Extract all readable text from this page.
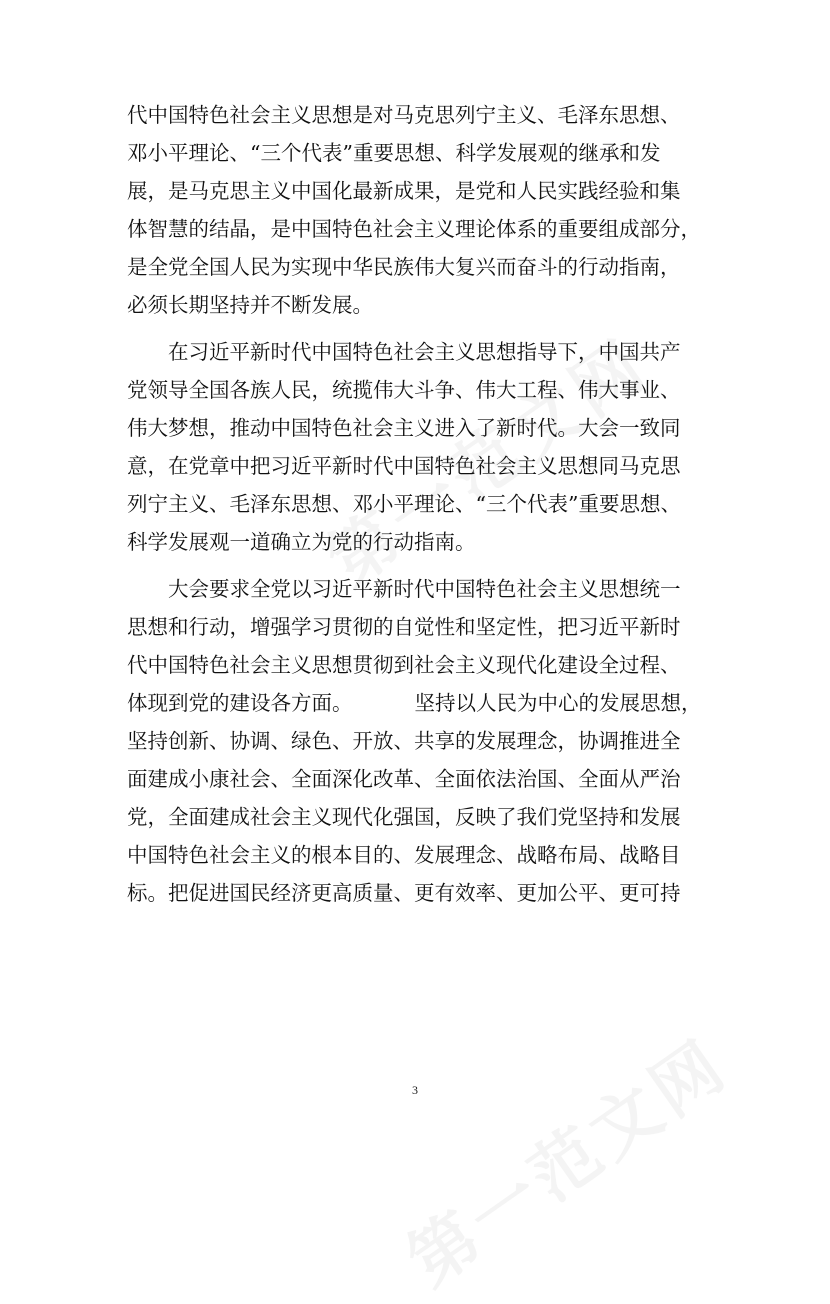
代中国特色社会主义思想是对马克思列宁主义、毛泽东思想、
邓小平理论、“三个代表”重要思想、科学发展观的继承和发
展，是马克思主义中国化最新成果，是党和人民实践经验和集
体智慧的结晶，是中国特色社会主义理论体系的重要组成部分，
是全党全国人民为实现中华民族伟大复兴而奋斗的行动指南，
必须长期坚持并不断发展。

在习近平新时代中国特色社会主义思想指导下，中国共产
党领导全国各族人民，统揽伟大斗争、伟大工程、伟大事业、
伟大梦想，推动中国特色社会主义进入了新时代。大会一致同
意，在党章中把习近平新时代中国特色社会主义思想同马克思
列宁主义、毛泽东思想、邓小平理论、“三个代表”重要思想、
科学发展观一道确立为党的行动指南。

大会要求全党以习近平新时代中国特色社会主义思想统一
思想和行动，增强学习贯彻的自觉性和坚定性，把习近平新时
代中国特色社会主义思想贯彻到社会主义现代化建设全过程、
体现到党的建设各方面。	坚持以人民为中心的发展思想，
坚持创新、协调、绿色、开放、共享的发展理念，协调推进全
面建成小康社会、全面深化改革、全面依法治国、全面从严治
党，全面建成社会主义现代化强国，反映了我们党坚持和发展
中国特色社会主义的根本目的、发展理念、战略布局、战略目
标。把促进国民经济更高质量、更有效率、更加公平、更可持

3
